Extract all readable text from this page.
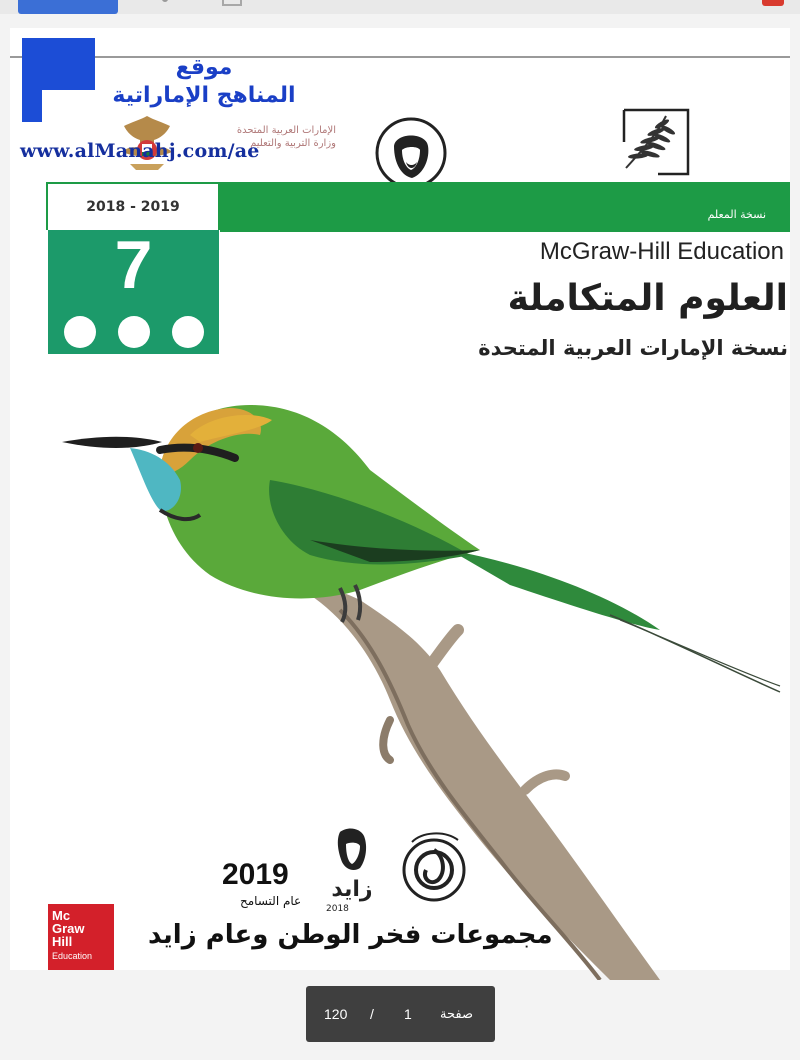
موقع
المناهج الإماراتية
الإمارات العربية المتحدة
وزارة التربية والتعليم
www.alManahj.com/ae
نسخة المعلم
2018 - 2019
7	McGraw-Hill Education
العلوم المتكاملة
نسخة الإمارات العربية المتحدة
Mc
Graw
Hill
Education
2019
عام التسامح زايد
2018
مجموعات فخر الوطن وعام زايد
120 / 1 صفحة
